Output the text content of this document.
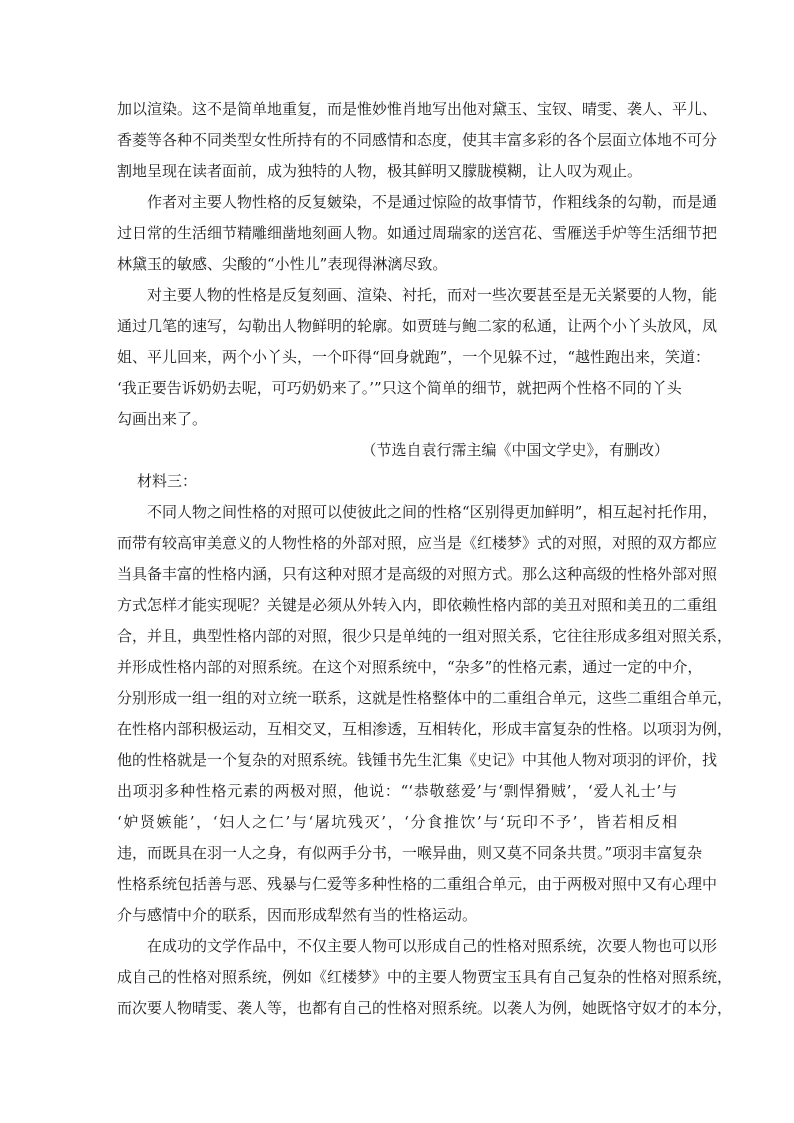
加以渲染。这不是简单地重复，而是惟妙惟肖地写出他对黛玉、宝钗、晴雯、袭人、平儿、
香菱等各种不同类型女性所持有的不同感情和态度，使其丰富多彩的各个层面立体地不可分
割地呈现在读者面前，成为独特的人物，极其鲜明又朦胧模糊，让人叹为观止。
作者对主要人物性格的反复皴染，不是通过惊险的故事情节，作粗线条的勾勒，而是通
过日常的生活细节精雕细凿地刻画人物。如通过周瑞家的送宫花、雪雁送手炉等生活细节把
林黛玉的敏感、尖酸的“小性儿”表现得淋漓尽致。
对主要人物的性格是反复刻画、渲染、衬托，而对一些次要甚至是无关紧要的人物，能
通过几笔的速写，勾勒出人物鲜明的轮廓。如贾琏与鲍二家的私通，让两个小丫头放风，凤
姐、平儿回来，两个小丫头，一个吓得“回身就跑”，一个见躲不过，“越性跑出来，笑道：
‘我正要告诉奶奶去呢，可巧奶奶来了。’”只这个简单的细节，就把两个性格不同的丫头
勾画出来了。
（节选自袁行霈主编《中国文学史》，有删改）
材料三：
不同人物之间性格的对照可以使彼此之间的性格“区别得更加鲜明”，相互起衬托作用，
而带有较高审美意义的人物性格的外部对照，应当是《红楼梦》式的对照，对照的双方都应
当具备丰富的性格内涵，只有这种对照才是高级的对照方式。那么这种高级的性格外部对照
方式怎样才能实现呢？关键是必须从外转入内，即依赖性格内部的美丑对照和美丑的二重组
合，并且，典型性格内部的对照，很少只是单纯的一组对照关系，它往往形成多组对照关系，
并形成性格内部的对照系统。在这个对照系统中，“杂多”的性格元素，通过一定的中介，
分别形成一组一组的对立统一联系，这就是性格整体中的二重组合单元，这些二重组合单元，
在性格内部积极运动，互相交叉，互相渗透，互相转化，形成丰富复杂的性格。以项羽为例，
他的性格就是一个复杂的对照系统。钱锺书先生汇集《史记》中其他人物对项羽的评价，找
出项羽多种性格元素的两极对照，他说：“‘恭敬慈爱’与‘剽悍猾贼’，‘爱人礼士’与
‘妒贤嫉能’，‘妇人之仁’与‘屠坑残灭’，‘分食推饮’与‘玩印不予’，皆若相反相
违，而既具在羽一人之身，有似两手分书，一喉异曲，则又莫不同条共贯。”项羽丰富复杂
性格系统包括善与恶、残暴与仁爱等多种性格的二重组合单元，由于两极对照中又有心理中
介与感情中介的联系，因而形成犁然有当的性格运动。
在成功的文学作品中，不仅主要人物可以形成自己的性格对照系统，次要人物也可以形
成自己的性格对照系统，例如《红楼梦》中的主要人物贾宝玉具有自己复杂的性格对照系统，
而次要人物晴雯、袭人等，也都有自己的性格对照系统。以袭人为例，她既恪守奴才的本分，
